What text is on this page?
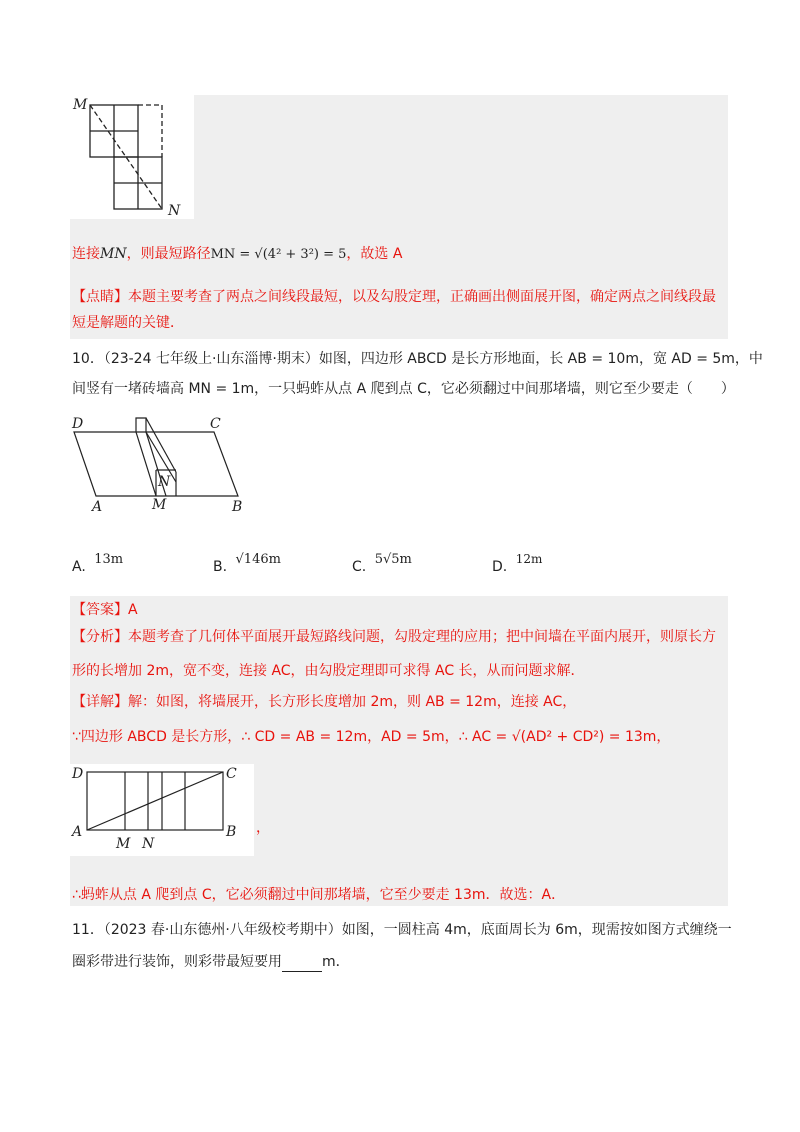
M
N
连接MN，则最短路径MN = √(4² + 3²) = 5，故选 A
【点睛】本题主要考查了两点之间线段最短，以及勾股定理，正确画出侧面展开图，确定两点之间线段最
短是解题的关键．
10．（23-24 七年级上·山东淄博·期末）如图，四边形 ABCD 是长方形地面，长 AB = 10m，宽 AD = 5m，中
间竖有一堵砖墙高 MN = 1m，一只蚂蚱从点 A 爬到点 C，它必须翻过中间那堵墙，则它至少要走（　　）
D	C
A	M	B
N
A. 13m	B. √146m	C. 5√5m	D. 12m
【答案】A
【分析】本题考查了几何体平面展开最短路线问题，勾股定理的应用；把中间墙在平面内展开，则原长方
形的长增加 2m，宽不变，连接 AC，由勾股定理即可求得 AC 长，从而问题求解．
【详解】解：如图，将墙展开，长方形长度增加 2m，则 AB = 12m，连接 AC，
∵四边形 ABCD 是长方形，∴ CD = AB = 12m，AD = 5m，∴ AC = √(AD² + CD²) = 13m，
D	C
A	B
M N
，
∴蚂蚱从点 A 爬到点 C，它必须翻过中间那堵墙，它至少要走 13m．故选：A．
11．（2023 春·山东德州·八年级校考期中）如图，一圆柱高 4m，底面周长为 6m，现需按如图方式缠绕一
圈彩带进行装饰，则彩带最短要用	m．
